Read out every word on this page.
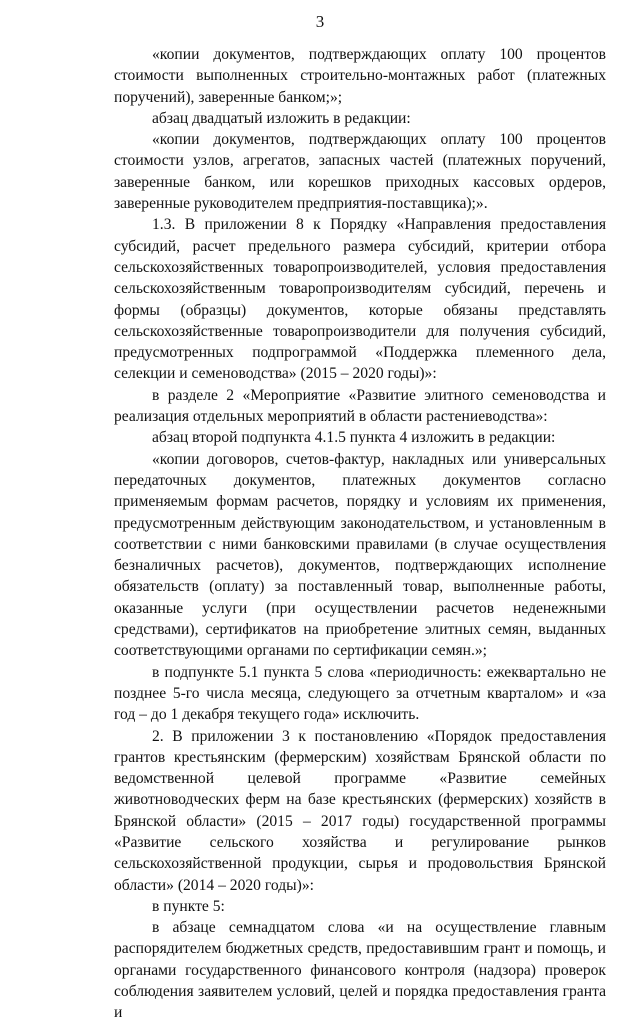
3

«копии документов, подтверждающих оплату 100 процентов стоимости выполненных строительно-монтажных работ (платежных поручений), заверенные банком;»;

абзац двадцатый изложить в редакции:

«копии документов, подтверждающих оплату 100 процентов стоимости узлов, агрегатов, запасных частей (платежных поручений, заверенные банком, или корешков приходных кассовых ордеров, заверенные руководителем предприятия-поставщика);».

1.3. В приложении 8 к Порядку «Направления предоставления субсидий, расчет предельного размера субсидий, критерии отбора сельскохозяйственных товаропроизводителей, условия предоставления сельскохозяйственным товаропроизводителям субсидий, перечень и формы (образцы) документов, которые обязаны представлять сельскохозяйственные товаропроизводители для получения субсидий, предусмотренных подпрограммой «Поддержка племенного дела, селекции и семеноводства» (2015 – 2020 годы)»:

в разделе 2 «Мероприятие «Развитие элитного семеноводства и реализация отдельных мероприятий в области растениеводства»:

абзац второй подпункта 4.1.5 пункта 4 изложить в редакции:

«копии договоров, счетов-фактур, накладных или универсальных передаточных документов, платежных документов согласно применяемым формам расчетов, порядку и условиям их применения, предусмотренным действующим законодательством, и установленным в соответствии с ними банковскими правилами (в случае осуществления безналичных расчетов), документов, подтверждающих исполнение обязательств (оплату) за поставленный товар, выполненные работы, оказанные услуги (при осуществлении расчетов неденежными средствами), сертификатов на приобретение элитных семян, выданных соответствующими органами по сертификации семян.»;

в подпункте 5.1 пункта 5 слова «периодичность: ежеквартально не позднее 5-го числа месяца, следующего за отчетным кварталом» и «за год – до 1 декабря текущего года» исключить.

2. В приложении 3 к постановлению «Порядок предоставления грантов крестьянским (фермерским) хозяйствам Брянской области по ведомственной целевой программе «Развитие семейных животноводческих ферм на базе крестьянских (фермерских) хозяйств в Брянской области» (2015 – 2017 годы) государственной программы «Развитие сельского хозяйства и регулирование рынков сельскохозяйственной продукции, сырья и продовольствия Брянской области» (2014 – 2020 годы)»:

в пункте 5:

в абзаце семнадцатом слова «и на осуществление главным распорядителем бюджетных средств, предоставившим грант и помощь, и органами государственного финансового контроля (надзора) проверок соблюдения заявителем условий, целей и порядка предоставления гранта и
